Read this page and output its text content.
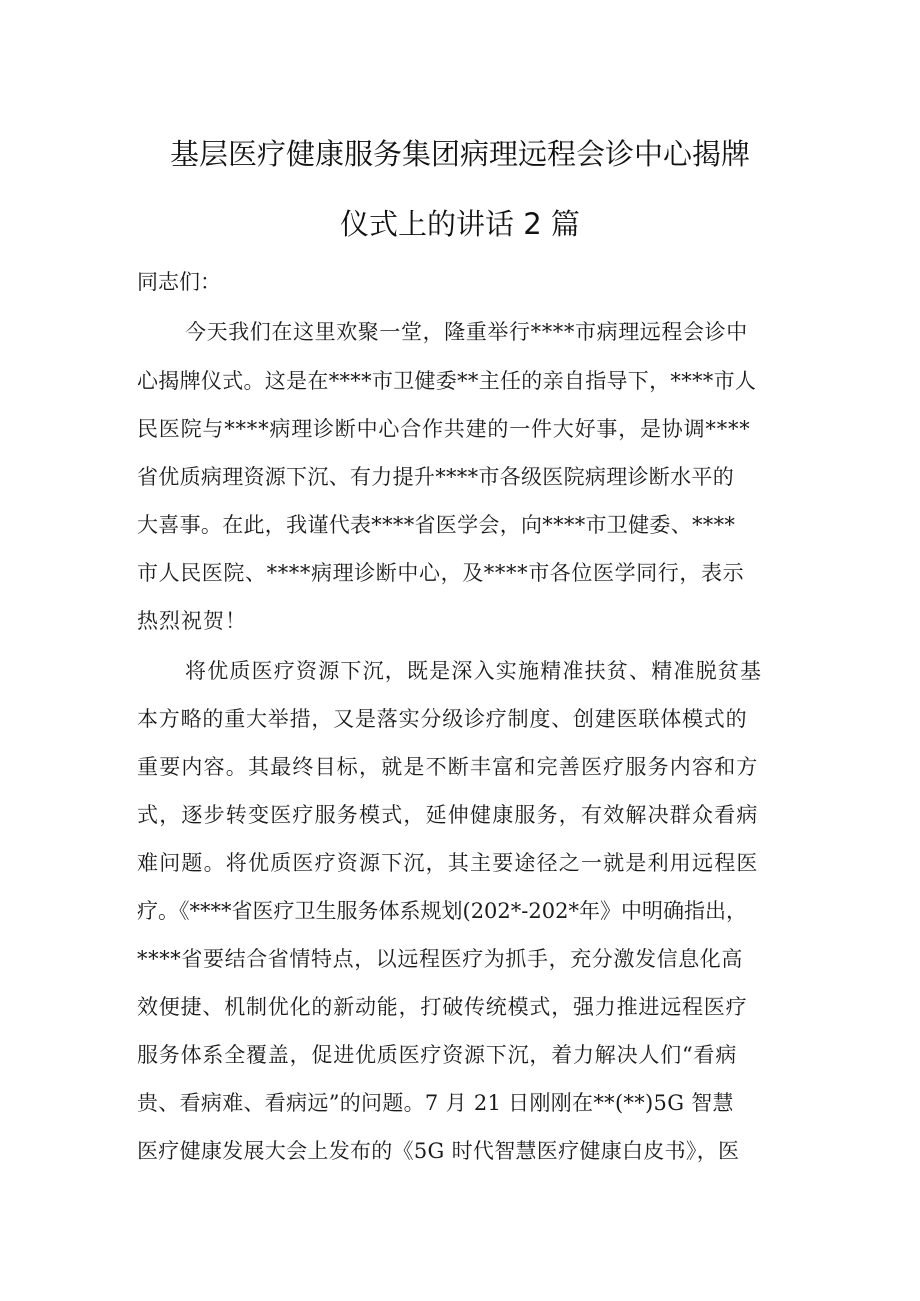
基层医疗健康服务集团病理远程会诊中心揭牌
仪式上的讲话 2 篇
同志们：
今天我们在这里欢聚一堂，隆重举行****市病理远程会诊中
心揭牌仪式。这是在****市卫健委**主任的亲自指导下，****市人
民医院与****病理诊断中心合作共建的一件大好事，是协调****
省优质病理资源下沉、有力提升****市各级医院病理诊断水平的
大喜事。在此，我谨代表****省医学会，向****市卫健委、****
市人民医院、****病理诊断中心，及****市各位医学同行，表示
热烈祝贺！
将优质医疗资源下沉，既是深入实施精准扶贫、精准脱贫基
本方略的重大举措，又是落实分级诊疗制度、创建医联体模式的
重要内容。其最终目标，就是不断丰富和完善医疗服务内容和方
式，逐步转变医疗服务模式，延伸健康服务，有效解决群众看病
难问题。将优质医疗资源下沉，其主要途径之一就是利用远程医
疗。《****省医疗卫生服务体系规划(202*-202*年》中明确指出，
****省要结合省情特点，以远程医疗为抓手，充分激发信息化高
效便捷、机制优化的新动能，打破传统模式，强力推进远程医疗
服务体系全覆盖，促进优质医疗资源下沉，着力解决人们“看病
贵、看病难、看病远”的问题。7 月 21 日刚刚在**(**)5G 智慧
医疗健康发展大会上发布的《5G 时代智慧医疗健康白皮书》，医
